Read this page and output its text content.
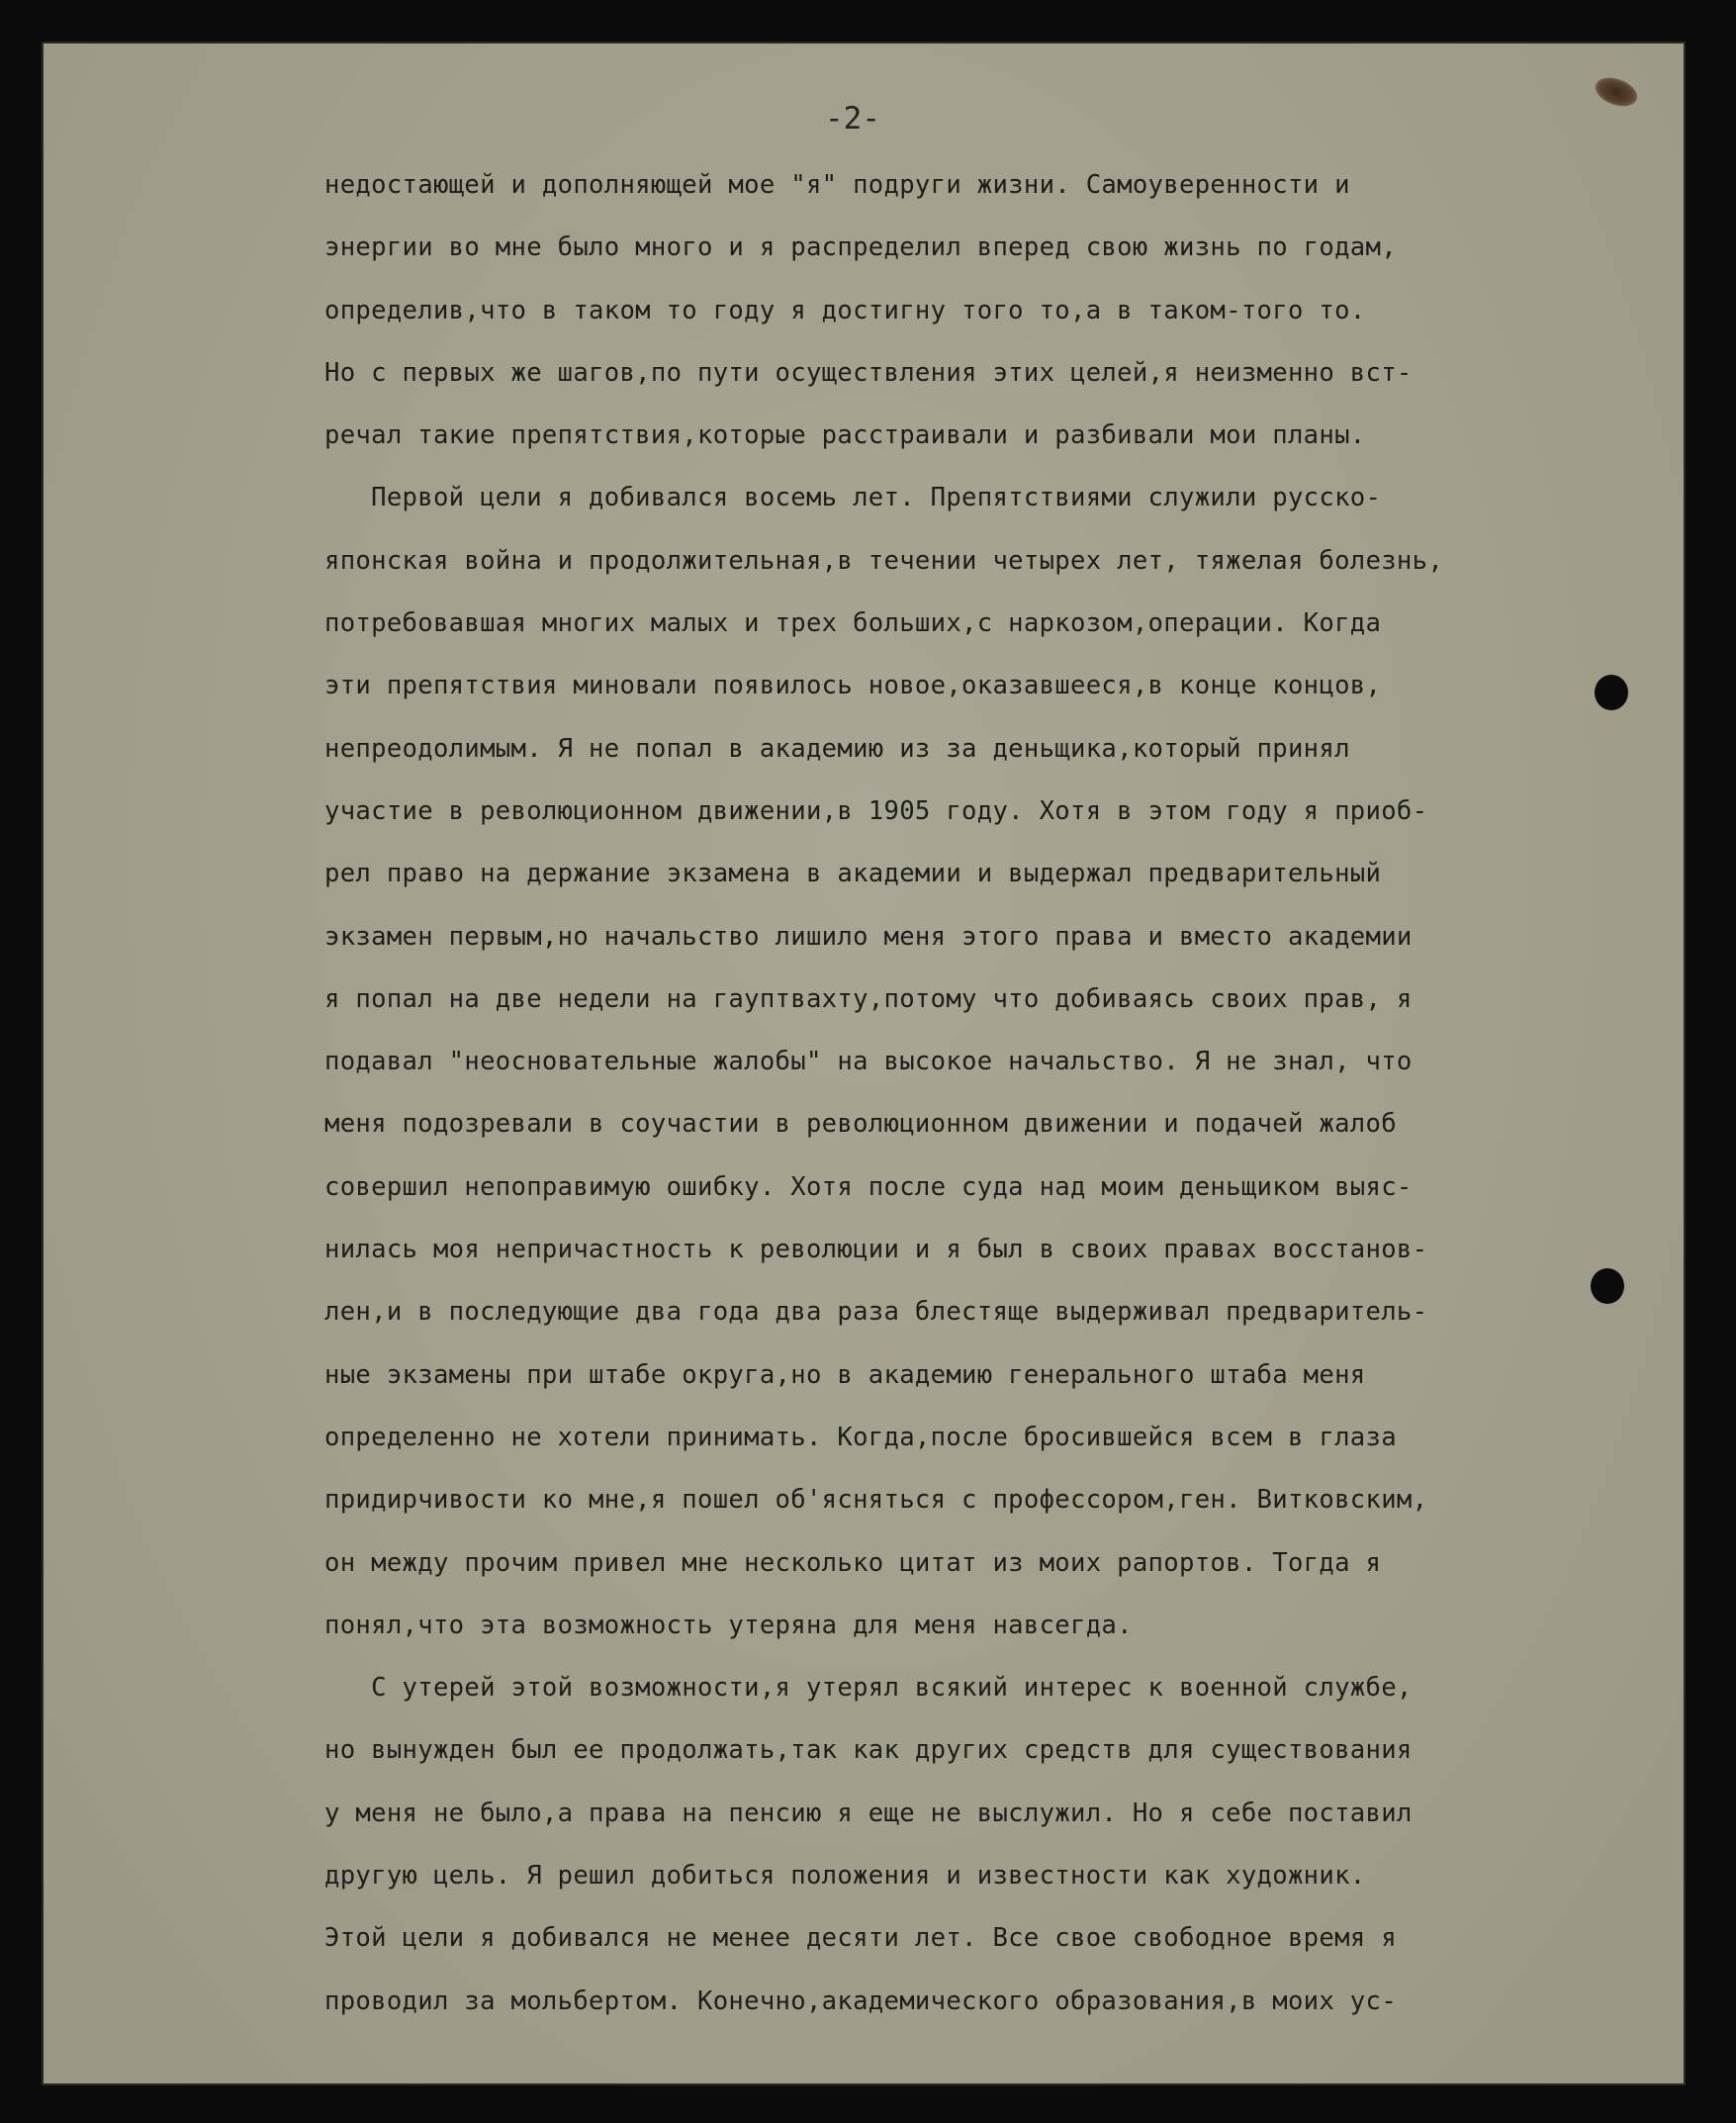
-2-
недостающей и дополняющей мое "я" подруги жизни. Самоуверенности и
энергии во мне было много и я распределил вперед свою жизнь по годам,
определив,что в таком то году я достигну того то,а в таком-того то.
Но с первых же шагов,по пути осуществления этих целей,я неизменно вст-
речал такие препятствия,которые расстраивали и разбивали мои планы.
Первой цели я добивался восемь лет. Препятствиями служили русско-
японская война и продолжительная,в течении четырех лет, тяжелая болезнь,
потребовавшая многих малых и трех больших,с наркозом,операции. Когда
эти препятствия миновали появилось новое,оказавшееся,в конце концов,
непреодолимым. Я не попал в академию из за деньщика,который принял
участие в революционном движении,в 1905 году. Хотя в этом году я приоб-
рел право на держание экзамена в академии и выдержал предварительный
экзамен первым,но начальство лишило меня этого права и вместо академии
я попал на две недели на гауптвахту,потому что добиваясь своих прав, я
подавал "неосновательные жалобы" на высокое начальство. Я не знал, что
меня подозревали в соучастии в революционном движении и подачей жалоб
совершил непоправимую ошибку. Хотя после суда над моим деньщиком выяс-
нилась моя непричастность к революции и я был в своих правах восстанов-
лен,и в последующие два года два раза блестяще выдерживал предваритель-
ные экзамены при штабе округа,но в академию генерального штаба меня
определенно не хотели принимать. Когда,после бросившейся всем в глаза
придирчивости ко мне,я пошел об'ясняться с профессором,ген. Витковским,
он между прочим привел мне несколько цитат из моих рапортов. Тогда я
понял,что эта возможность утеряна для меня навсегда.
С утерей этой возможности,я утерял всякий интерес к военной службе,
но вынужден был ее продолжать,так как других средств для существования
у меня не было,а права на пенсию я еще не выслужил. Но я себе поставил
другую цель. Я решил добиться положения и известности как художник.
Этой цели я добивался не менее десяти лет. Все свое свободное время я
проводил за мольбертом. Конечно,академического образования,в моих ус-
